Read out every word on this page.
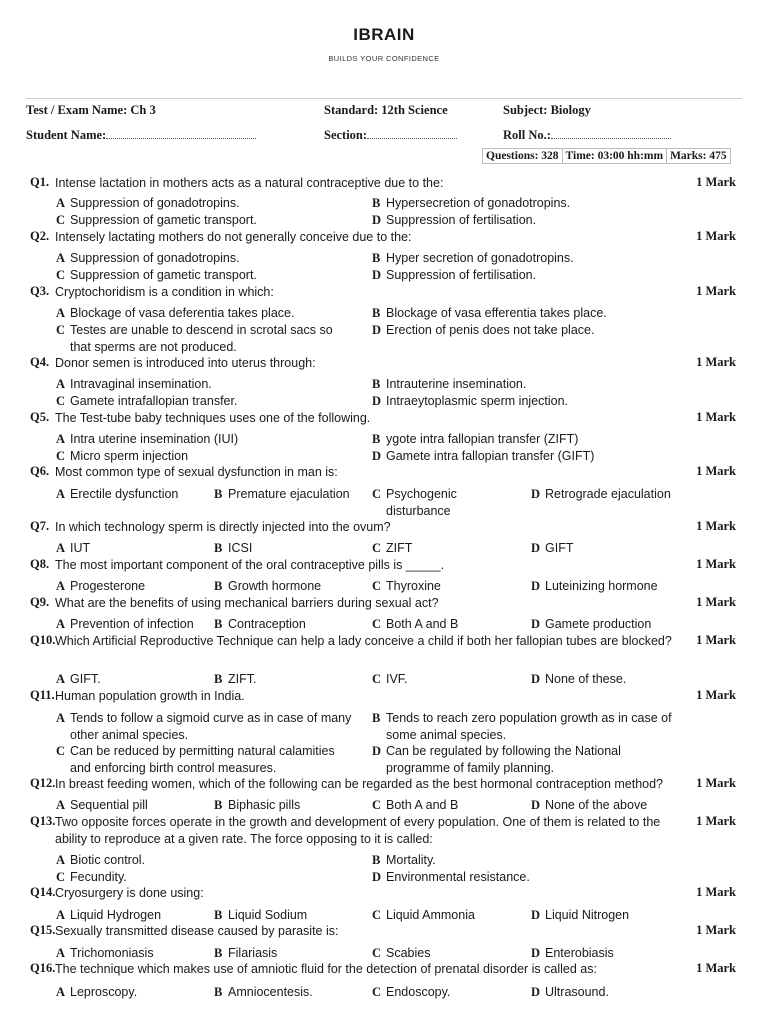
IBRAIN
BUILDS YOUR CONFIDENCE
Test / Exam Name: Ch 3	Standard: 12th Science	Subject: Biology
Student Name:	Section:	Roll No.:
Questions: 328 Time: 03:00 hh:mm Marks: 475
Q1. Intense lactation in mothers acts as a natural contraceptive due to the:	1 Mark
A Suppression of gonadotropins.	B Hypersecretion of gonadotropins.
C Suppression of gametic transport.	D Suppression of fertilisation.
Q2. Intensely lactating mothers do not generally conceive due to the:	1 Mark
A Suppression of gonadotropins.	B Hyper secretion of gonadotropins.
C Suppression of gametic transport.	D Suppression of fertilisation.
Q3. Cryptochoridism is a condition in which:	1 Mark
A Blockage of vasa deferentia takes place.	B Blockage of vasa efferentia takes place.
C Testes are unable to descend in scrotal sacs so that sperms are not produced.
D Erection of penis does not take place.
Q4. Donor semen is introduced into uterus through:	1 Mark
A Intravaginal insemination.	B Intrauterine insemination.
C Gamete intrafallopian transfer.	D Intraeytoplasmic sperm injection.
Q5. The Test-tube baby techniques uses one of the following.	1 Mark
A Intra uterine insemination (IUI)	B ygote intra fallopian transfer (ZIFT)
C Micro sperm injection	D Gamete intra fallopian transfer (GIFT)
Q6. Most common type of sexual dysfunction in man is:	1 Mark
A Erectile dysfunction	B Premature ejaculation	C Psychogenic disturbance
D Retrograde ejaculation
Q7. In which technology sperm is directly injected into the ovum?	1 Mark
A IUT	B ICSI	C ZIFT	D GIFT
Q8. The most important component of the oral contraceptive pills is _____.	1 Mark
A Progesterone	B Growth hormone	C Thyroxine	D Luteinizing hormone
Q9. What are the benefits of using mechanical barriers during sexual act?	1 Mark
A Prevention of infection	B Contraception	C Both A and B	D Gamete production
Q10. Which Artificial Reproductive Technique can help a lady conceive a child if both her fallopian tubes are blocked?	1 Mark
A GIFT.	B ZIFT.	C IVF.	D None of these.
Q11. Human population growth in India.	1 Mark
A Tends to follow a sigmoid curve as in case of many other animal species.
B Tends to reach zero population growth as in case of some animal species.
C Can be reduced by permitting natural calamities and enforcing birth control measures.
D Can be regulated by following the National programme of family planning.
Q12. In breast feeding women, which of the following can be regarded as the best hormonal contraception method?	1 Mark
A Sequential pill	B Biphasic pills	C Both A and B	D None of the above
Q13. Two opposite forces operate in the growth and development of every population. One of them is related to the ability to reproduce at a given rate. The force opposing to it is called:
1 Mark
A Biotic control.	B Mortality.
C Fecundity.	D Environmental resistance.
Q14. Cryosurgery is done using:	1 Mark
A Liquid Hydrogen	B Liquid Sodium	C Liquid Ammonia	D Liquid Nitrogen
Q15. Sexually transmitted disease caused by parasite is:	1 Mark
A Trichomoniasis	B Filariasis	C Scabies	D Enterobiasis
Q16. The technique which makes use of amniotic fluid for the detection of prenatal disorder is called as:	1 Mark
A Leproscopy.	B Amniocentesis.	C Endoscopy.	D Ultrasound.
